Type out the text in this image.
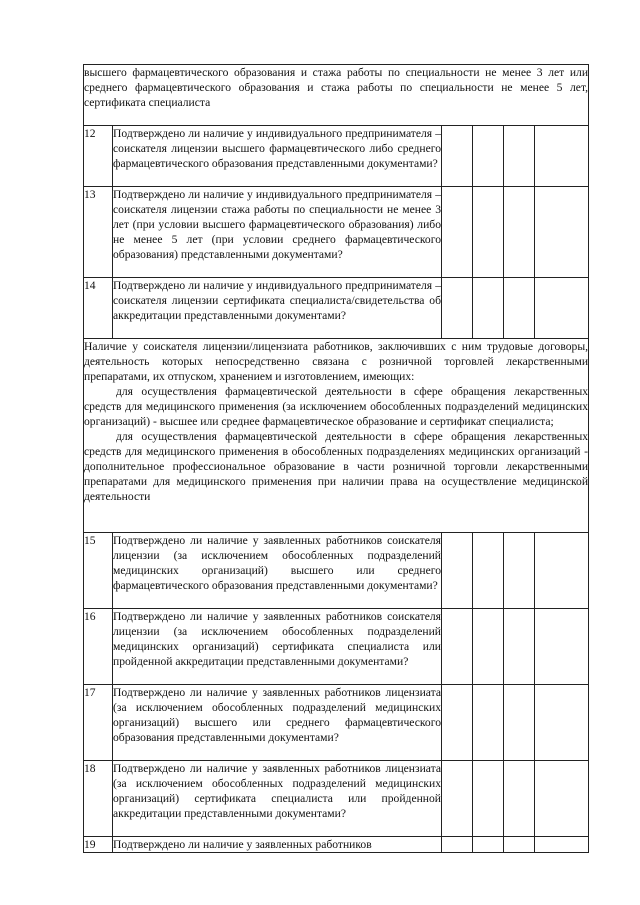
высшего фармацевтического образования и стажа работы по специальности не менее 3 лет или среднего фармацевтического образования и стажа работы по специальности не менее 5 лет, сертификата специалиста					
12	Подтверждено ли наличие у индивидуального предпринимателя – соискателя лицензии высшего фармацевтического либо среднего фармацевтического образования представленными документами?				
13	Подтверждено ли наличие у индивидуального предпринимателя – соискателя лицензии стажа работы по специальности не менее 3 лет (при условии высшего фармацевтического образования) либо не менее 5 лет (при условии среднего фармацевтического образования) представленными документами?				
14	Подтверждено ли наличие у индивидуального предпринимателя – соискателя лицензии сертификата специалиста/свидетельства об аккредитации представленными документами?				

Наличие у соискателя лицензии/лицензиата работников, заключивших с ним трудовые договоры, деятельность которых непосредственно связана с розничной торговлей лекарственными препаратами, их отпуском, хранением и изготовлением, имеющих:
для осуществления фармацевтической деятельности в сфере обращения лекарственных средств для медицинского применения (за исключением обособленных подразделений медицинских организаций) - высшее или среднее фармацевтическое образование и сертификат специалиста;
для осуществления фармацевтической деятельности в сфере обращения лекарственных средств для медицинского применения в обособленных подразделениях медицинских организаций - дополнительное профессиональное образование в части розничной торговли лекарственными препаратами для медицинского применения при наличии права на осуществление медицинской деятельности					

15	Подтверждено ли наличие у заявленных работников соискателя лицензии (за исключением обособленных подразделений медицинских организаций) высшего или среднего фармацевтического образования представленными документами?				
16	Подтверждено ли наличие у заявленных работников соискателя лицензии (за исключением обособленных подразделений медицинских организаций) сертификата специалиста или пройденной аккредитации представленными документами?				
17	Подтверждено ли наличие у заявленных работников лицензиата (за исключением обособленных подразделений медицинских организаций) высшего или среднего фармацевтического образования представленными документами?				
18	Подтверждено ли наличие у заявленных работников лицензиата (за исключением обособленных подразделений медицинских организаций) сертификата специалиста или пройденной аккредитации представленными документами?				
19	Подтверждено ли наличие у заявленных работников				
